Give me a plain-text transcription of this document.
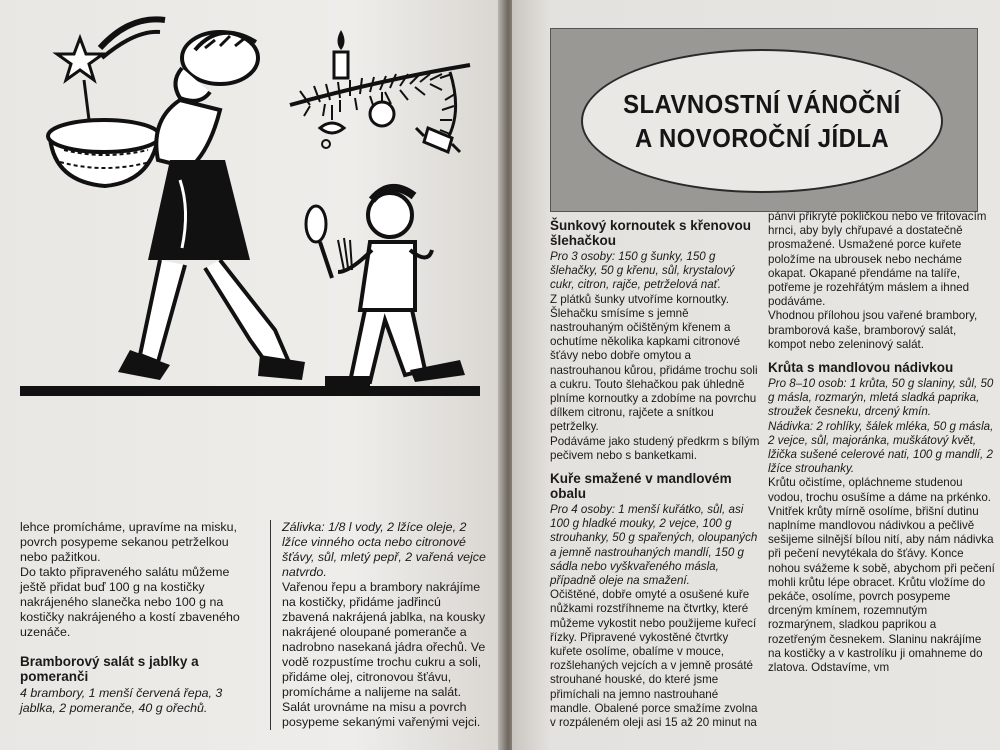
lehce promícháme, upravíme na misku, povrch posypeme sekanou petrželkou nebo pažitkou.

Do takto připraveného salátu můžeme ještě přidat buď 100 g na kostičky nakrájeného slanečka nebo 100 g na kostičky nakrájeného a kostí zbaveného uzenáče.

Bramborový salát s jablky a pomeranči

4 brambory, 1 menší červená řepa, 3 jablka, 2 pomeranče, 40 g ořechů.

Zálivka: 1/8 l vody, 2 lžíce oleje, 2 lžíce vinného octa nebo citronové šťávy, sůl, mletý pepř, 2 vařená vejce natvrdo.

Vařenou řepu a brambory nakrájíme na kostičky, přidáme jadřincú zbavená nakrájená jablka, na kousky nakrájené oloupané pomeranče a nadrobno nasekaná jádra ořechů. Ve vodě rozpustíme trochu cukru a soli, přidáme olej, citronovou šťávu, promícháme a nalijeme na salát. Salát urovnáme na misu a povrch posypeme sekanými vařenými vejci.

SLAVNOSTNÍ VÁNOČNÍ
A NOVOROČNÍ JÍDLA
Šunkový kornoutek s křenovou šlehačkou

Pro 3 osoby: 150 g šunky, 150 g šlehačky, 50 g křenu, sůl, krystalový cukr, citron, rajče, petrželová nať.

Z plátků šunky utvoříme kornoutky. Šlehačku smísíme s jemně nastrouhaným očištěným křenem a ochutíme několika kapkami citronové šťávy nebo dobře omytou a nastrouhanou kůrou, přidáme trochu soli a cukru. Touto šlehačkou pak úhledně plníme kornoutky a zdobíme na povrchu dílkem citronu, rajčete a snítkou petrželky.

Podáváme jako studený předkrm s bílým pečivem nebo s banketkami.

Kuře smažené v mandlovém obalu

Pro 4 osoby: 1 menší kuřátko, sůl, asi 100 g hladké mouky, 2 vejce, 100 g strouhanky, 50 g spařených, oloupaných a jemně nastrouhaných mandlí, 150 g sádla nebo vyškvařeného másla, případně oleje na smažení.

Očištěné, dobře omyté a osušené kuře nůžkami rozstříhneme na čtvrtky, které můžeme vykostit nebo použijeme kuřecí řízky. Připravené vykostěné čtvrtky kuřete osolíme, obalíme v mouce, rozšlehaných vejcích a v jemně prosáté strouhané houské, do které jsme přimíchali na jemno nastrouhané mandle. Obalené porce smažíme zvolna v rozpáleném oleji asi 15 až 20 minut na

pánvi přikryté pokličkou nebo ve fritovacím hrnci, aby byly chřupavé a dostatečně prosmažené. Usmažené porce kuřete položíme na ubrousek nebo necháme okapat. Okapané přendáme na talíře, potřeme je rozehřátým máslem a ihned podáváme.

Vhodnou přílohou jsou vařené brambory, bramborová kaše, bramborový salát, kompot nebo zeleninový salát.

Krůta s mandlovou nádivkou

Pro 8–10 osob: 1 krůta, 50 g slaniny, sůl, 50 g másla, rozmarýn, mletá sladká paprika, stroužek česneku, drcený kmín.

Nádivka: 2 rohlíky, šálek mléka, 50 g másla, 2 vejce, sůl, majoránka, muškátový květ, lžička sušené celerové nati, 100 g mandlí, 2 lžíce strouhanky.

Krůtu očistíme, opláchneme studenou vodou, trochu osušíme a dáme na prkénko. Vnitřek krůty mírně osolíme, břišní dutinu naplníme mandlovou nádivkou a pečlivě sešijeme silnější bílou nití, aby nám nádivka při pečení nevytékala do šťávy. Konce nohou svážeme k sobě, abychom při pečení mohli krůtu lépe obracet. Krůtu vložíme do pekáče, osolíme, povrch posypeme drceným kmínem, rozemnutým rozmarýnem, sladkou paprikou a rozetřeným česnekem. Slaninu nakrájíme na kostičky a v kastrolíku ji omahneme do zlatova. Odstavíme, vm
